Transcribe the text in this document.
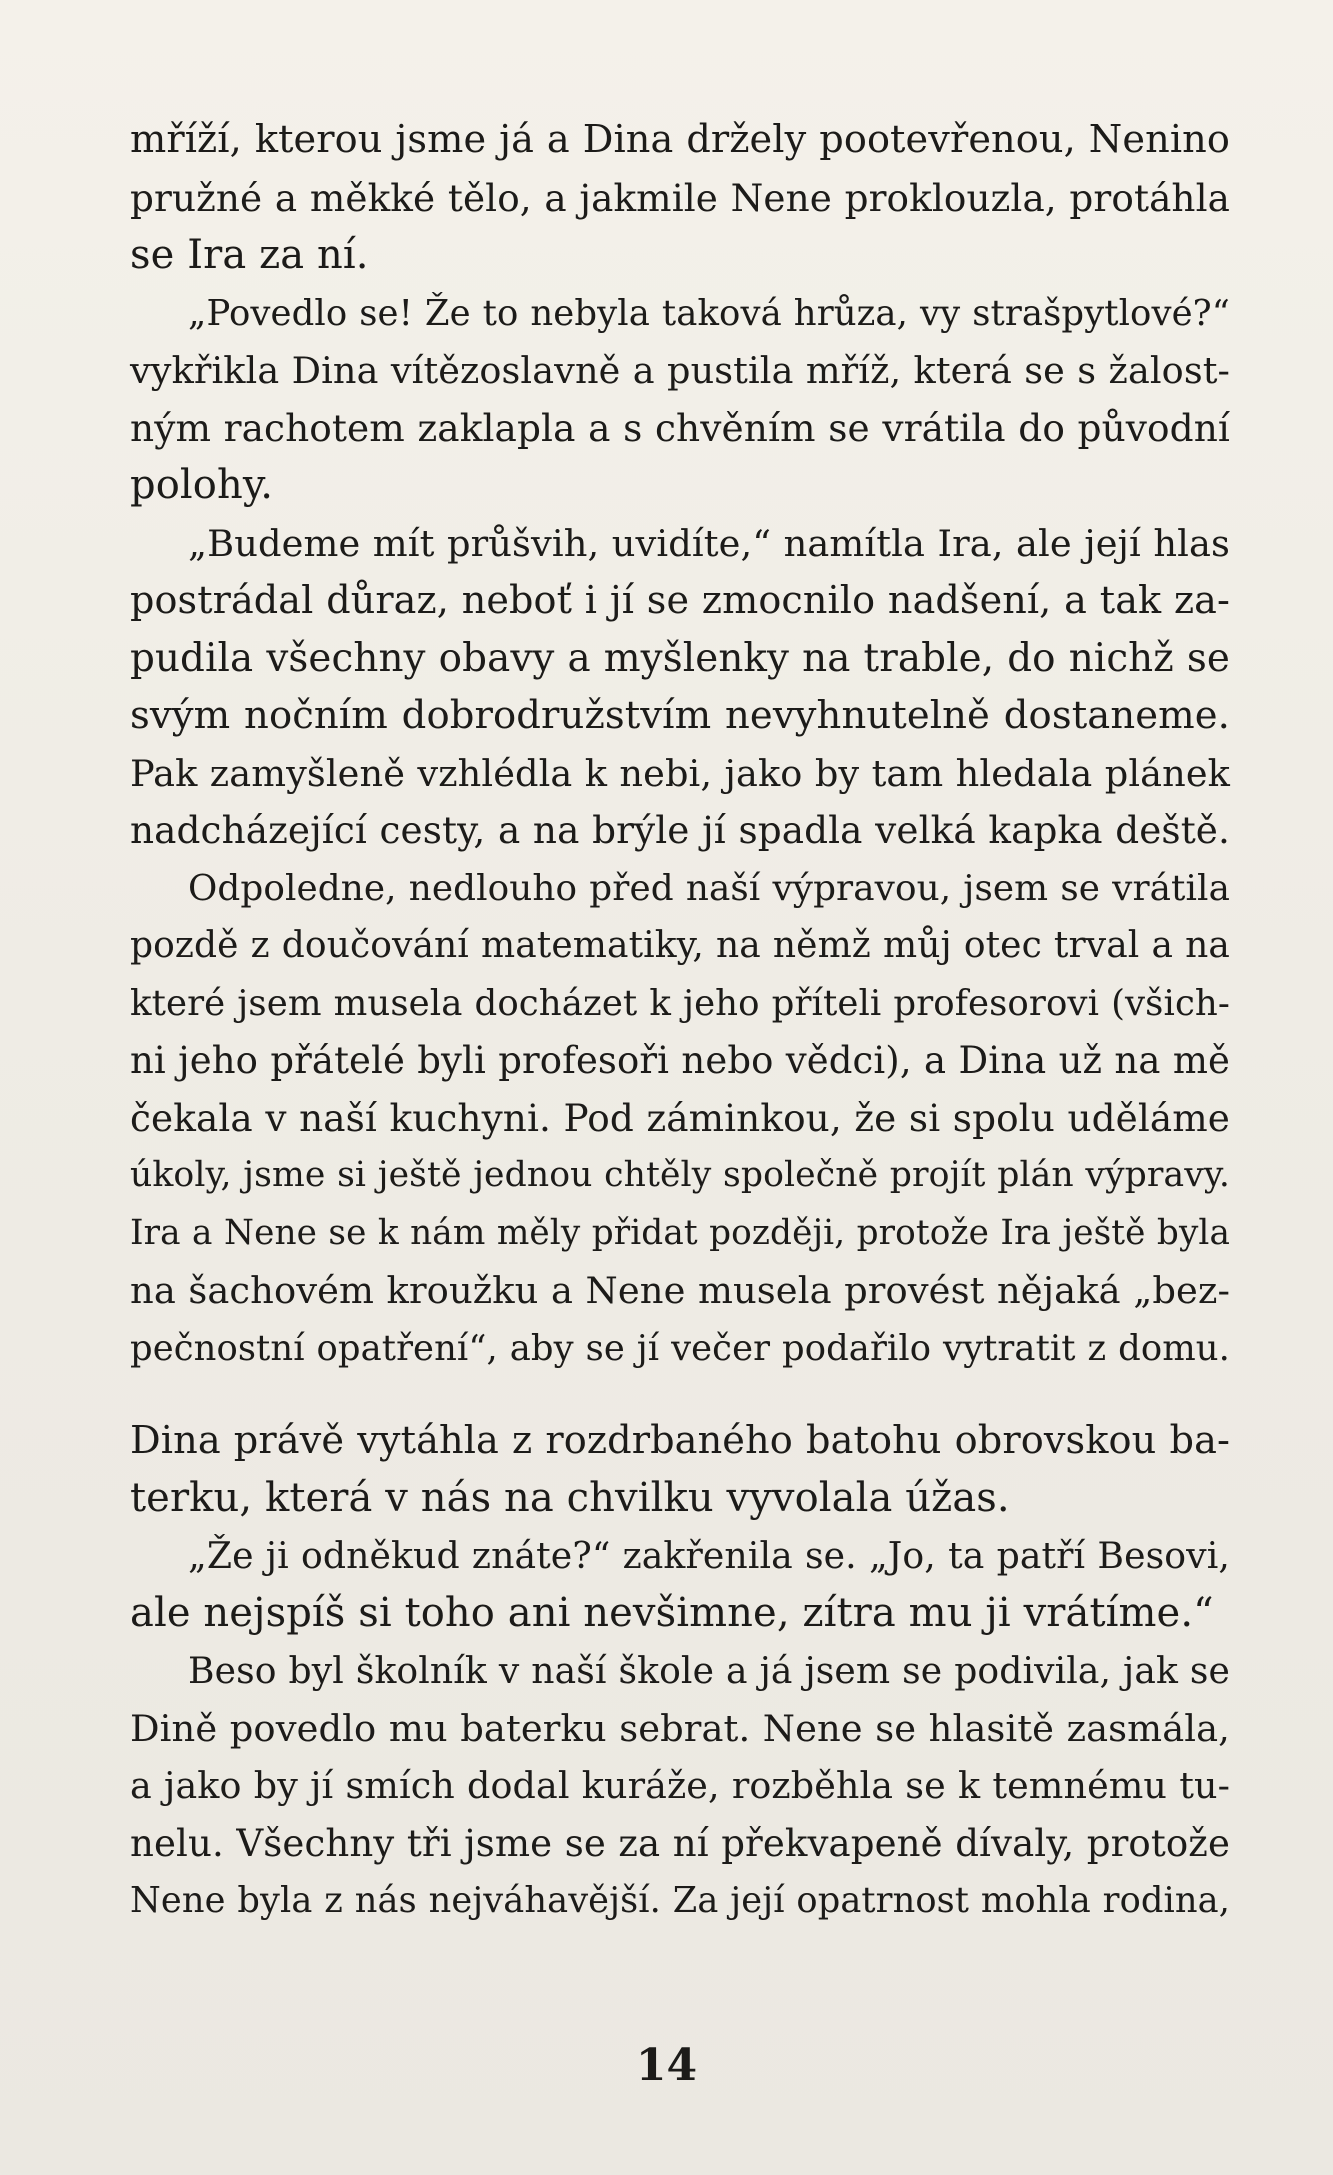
mříží, kterou jsme já a Dina držely pootevřenou, Nenino
pružné a měkké tělo, a jakmile Nene proklouzla, protáhla
se Ira za ní.
„Povedlo se! Že to nebyla taková hrůza, vy strašpytlové?“
vykřikla Dina vítězoslavně a pustila mříž, která se s žalost-
ným rachotem zaklapla a s chvěním se vrátila do původní
polohy.
„Budeme mít průšvih, uvidíte,“ namítla Ira, ale její hlas
postrádal důraz, neboť i jí se zmocnilo nadšení, a tak za-
pudila všechny obavy a myšlenky na trable, do nichž se
svým nočním dobrodružstvím nevyhnutelně dostaneme.
Pak zamyšleně vzhlédla k nebi, jako by tam hledala plánek
nadcházející cesty, a na brýle jí spadla velká kapka deště.
Odpoledne, nedlouho před naší výpravou, jsem se vrátila
pozdě z doučování matematiky, na němž můj otec trval a na
které jsem musela docházet k jeho příteli profesorovi (všich-
ni jeho přátelé byli profesoři nebo vědci), a Dina už na mě
čekala v naší kuchyni. Pod záminkou, že si spolu uděláme
úkoly, jsme si ještě jednou chtěly společně projít plán výpravy.
Ira a Nene se k nám měly přidat později, protože Ira ještě byla
na šachovém kroužku a Nene musela provést nějaká „bez-
pečnostní opatření“, aby se jí večer podařilo vytratit z domu.
Dina právě vytáhla z rozdrbaného batohu obrovskou ba-
terku, která v nás na chvilku vyvolala úžas.
„Že ji odněkud znáte?“ zakřenila se. „Jo, ta patří Besovi,
ale nejspíš si toho ani nevšimne, zítra mu ji vrátíme.“
Beso byl školník v naší škole a já jsem se podivila, jak se
Dině povedlo mu baterku sebrat. Nene se hlasitě zasmála,
a jako by jí smích dodal kuráže, rozběhla se k temnému tu-
nelu. Všechny tři jsme se za ní překvapeně dívaly, protože
Nene byla z nás nejváhavější. Za její opatrnost mohla rodina,
14
